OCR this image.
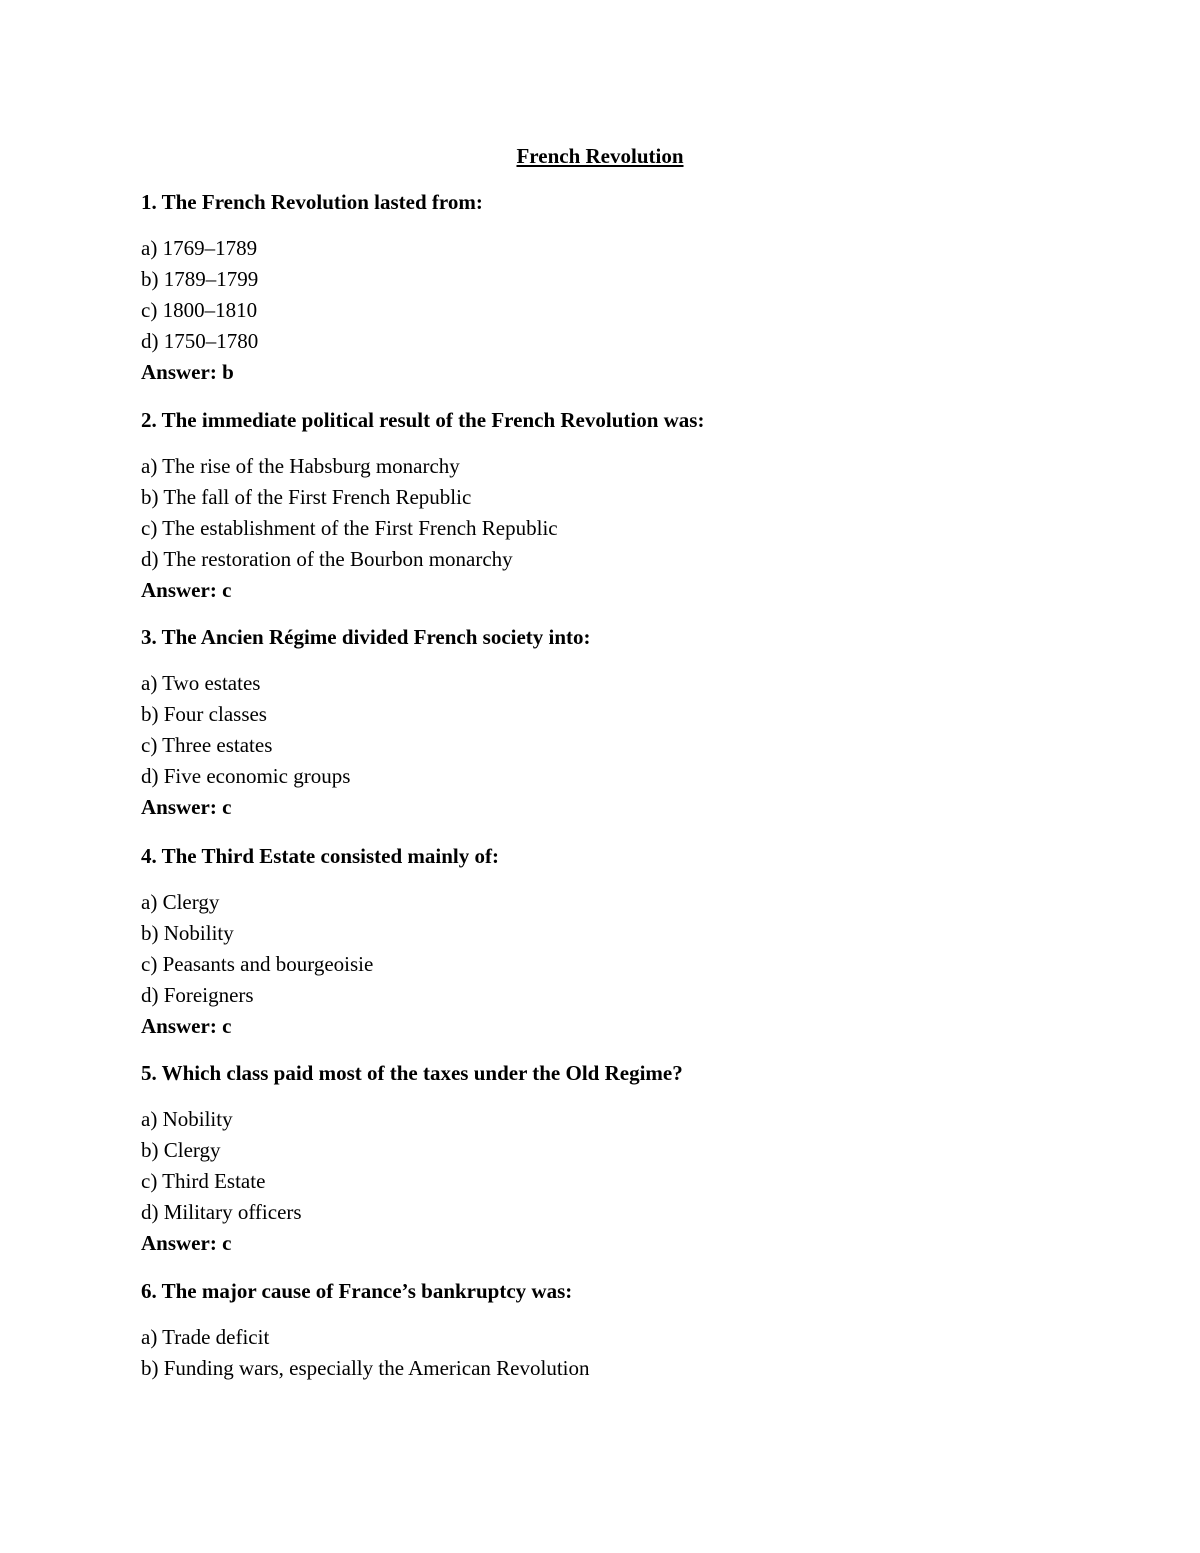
French Revolution

1. The French Revolution lasted from:

a) 1769–1789
b) 1789–1799
c) 1800–1810
d) 1750–1780
Answer: b

2. The immediate political result of the French Revolution was:

a) The rise of the Habsburg monarchy
b) The fall of the First French Republic
c) The establishment of the First French Republic
d) The restoration of the Bourbon monarchy
Answer: c

3. The Ancien Régime divided French society into:

a) Two estates
b) Four classes
c) Three estates
d) Five economic groups
Answer: c

4. The Third Estate consisted mainly of:

a) Clergy
b) Nobility
c) Peasants and bourgeoisie
d) Foreigners
Answer: c

5. Which class paid most of the taxes under the Old Regime?

a) Nobility
b) Clergy
c) Third Estate
d) Military officers
Answer: c

6. The major cause of France’s bankruptcy was:

a) Trade deficit
b) Funding wars, especially the American Revolution
